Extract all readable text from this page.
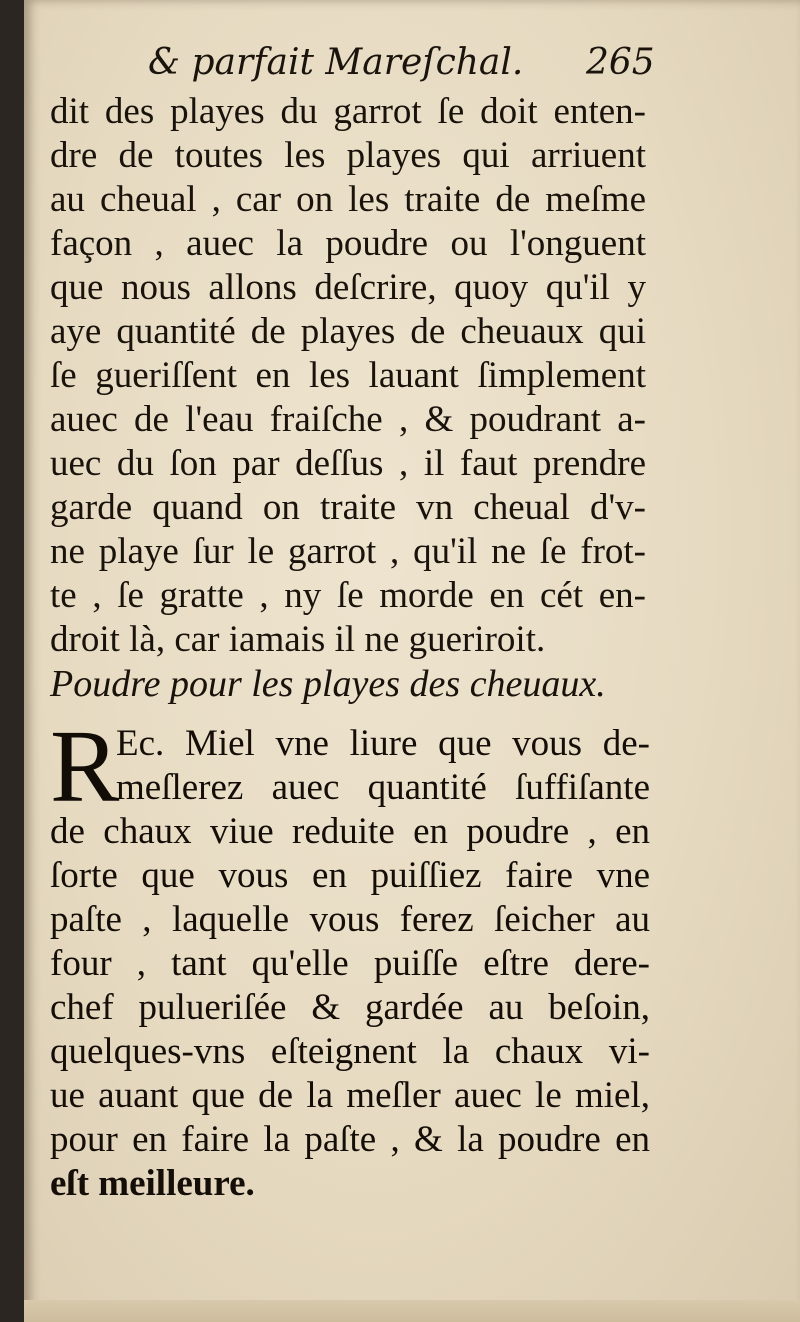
& parfait Mareſchal. 265
dit des playes du garrot ſe doit enten-
dre de toutes les playes qui arriuent
au cheual , car on les traite de meſme
façon , auec la poudre ou l'onguent
que nous allons deſcrire, quoy qu'il y
aye quantité de playes de cheuaux qui
ſe gueriſſent en les lauant ſimplement
auec de l'eau fraiſche , & poudrant a-
uec du ſon par deſſus , il faut prendre
garde quand on traite vn cheual d'v-
ne playe ſur le garrot , qu'il ne ſe frot-
te , ſe gratte , ny ſe morde en cét en-
droit là, car iamais il ne gueriroit.
Poudre pour les playes des cheuaux.
R
Ec. Miel vne liure que vous de-
meſlerez auec quantité ſuffiſante
de chaux viue reduite en poudre , en
ſorte que vous en puiſſiez faire vne
paſte , laquelle vous ferez ſeicher au
four , tant qu'elle puiſſe eſtre dere-
chef pulueriſée & gardée au beſoin,
quelques-vns eſteignent la chaux vi-
ue auant que de la meſler auec le miel,
pour en faire la paſte , & la poudre en
eſt meilleure.
